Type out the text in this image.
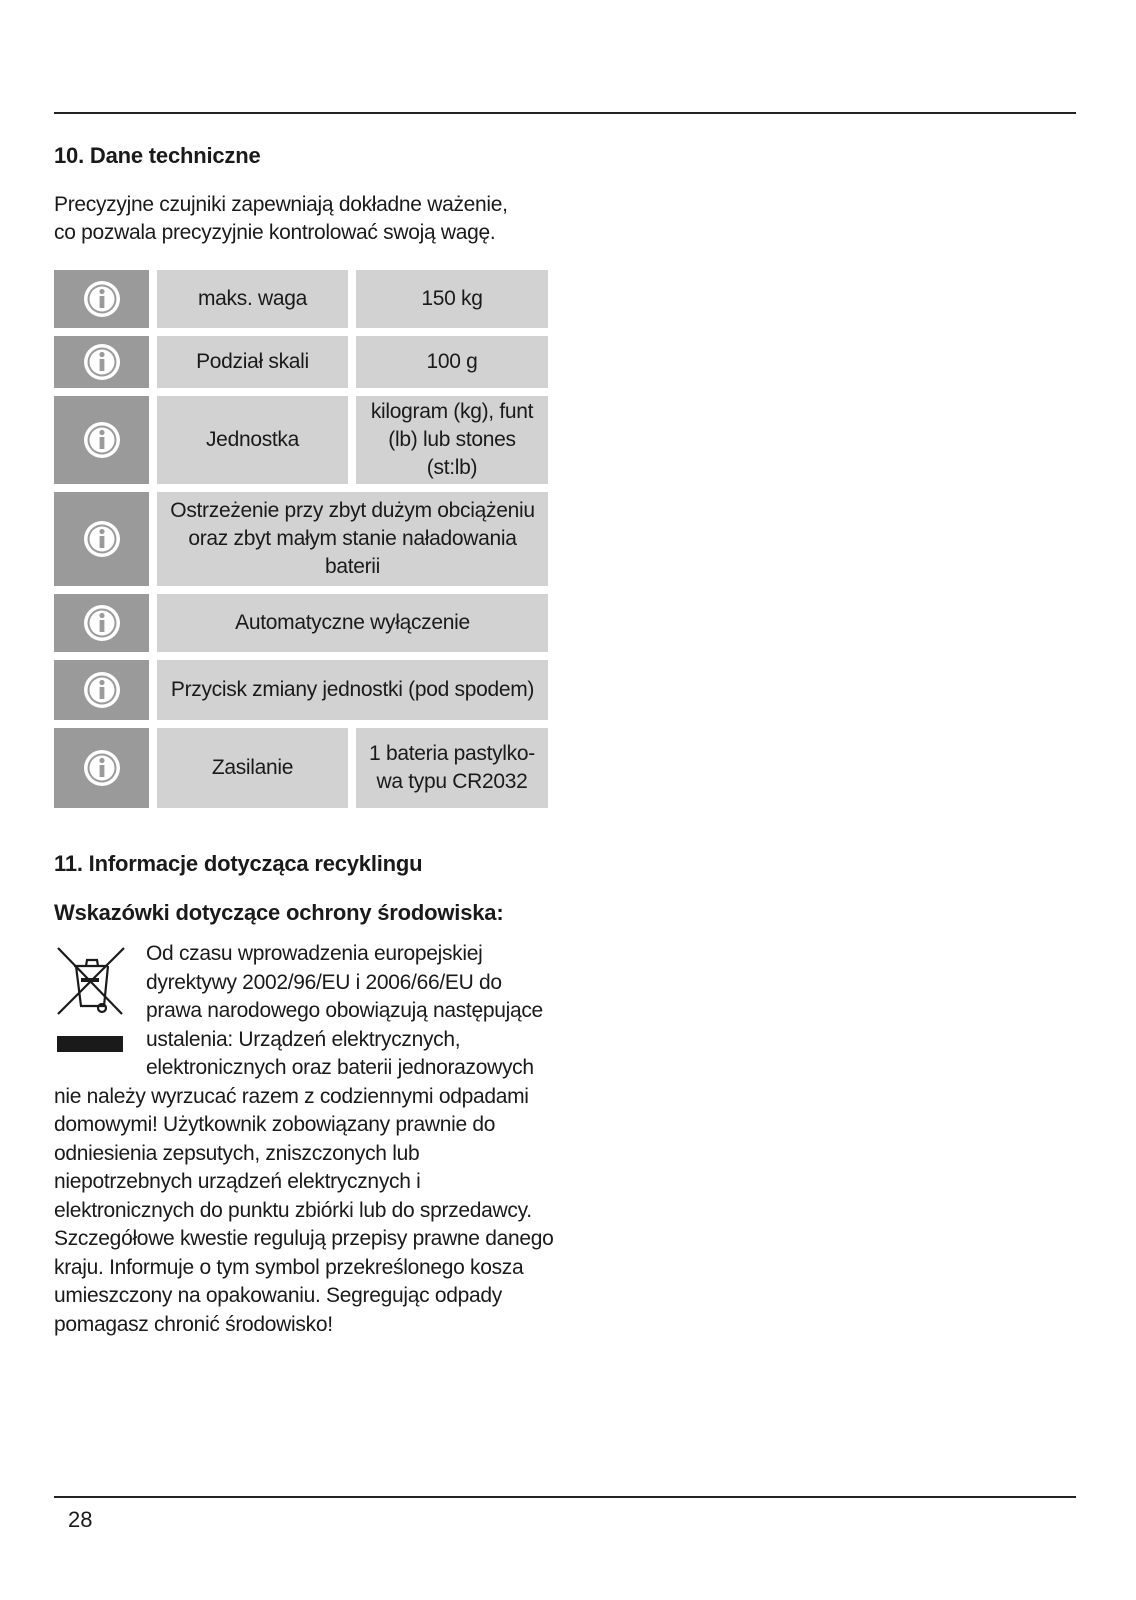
10. Dane techniczne
Precyzyjne czujniki zapewniają dokładne ważenie,
co pozwala precyzyjnie kontrolować swoją wagę.
maks. waga	150 kg
Podział skali	100 g
Jednostka
kilogram (kg), funt (lb) lub stones (st:lb)
Ostrzeżenie przy zbyt dużym obciążeniu oraz zbyt małym stanie naładowania baterii
Automatyczne wyłączenie
Przycisk zmiany jednostki (pod spodem)
Zasilanie
1 bateria pastylko-wa typu CR2032
11. Informacje dotycząca recyklingu
Wskazówki dotyczące ochrony środowiska:
Od czasu wprowadzenia europejskiej dyrektywy 2002/96/EU i 2006/66/EU do prawa narodowego obowiązują następujące ustalenia: Urządzeń elektrycznych, elektronicznych oraz baterii jednorazowych nie należy wyrzucać razem z codziennymi odpadami domowymi! Użytkownik zobowiązany prawnie do odniesienia zepsutych, zniszczonych lub niepotrzebnych urządzeń elektrycznych i elektronicznych do punktu zbiórki lub do sprzedawcy. Szczegółowe kwestie regulują przepisy prawne danego kraju. Informuje o tym symbol przekreślonego kosza umieszczony na opakowaniu. Segregując odpady pomagasz chronić środowisko!
28
